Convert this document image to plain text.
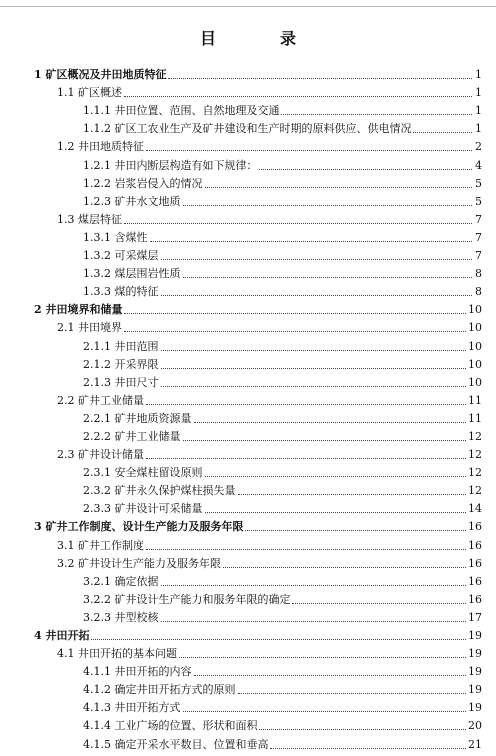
目　录
1 矿区概况及井田地质特征	1
1.1 矿区概述	1
1.1.1 井田位置、范围、自然地理及交通	1
1.1.2 矿区工农业生产及矿井建设和生产时期的原料供应、供电情况	1
1.2 井田地质特征	2
1.2.1 井田内断层构造有如下规律：	4
1.2.2 岩浆岩侵入的情况	5
1.2.3 矿井水文地质	5
1.3 煤层特征	7
1.3.1 含煤性	7
1.3.2 可采煤层	7
1.3.2 煤层围岩性质	8
1.3.3 煤的特征	8
2 井田境界和储量	10
2.1 井田境界	10
2.1.1 井田范围	10
2.1.2 开采界限	10
2.1.3 井田尺寸	10
2.2 矿井工业储量	11
2.2.1 矿井地质资源量	11
2.2.2 矿井工业储量	12
2.3 矿井设计储量	12
2.3.1 安全煤柱留设原则	12
2.3.2 矿井永久保护煤柱损失量	12
2.3.3 矿井设计可采储量	14
3 矿井工作制度、设计生产能力及服务年限	16
3.1 矿井工作制度	16
3.2 矿井设计生产能力及服务年限	16
3.2.1 确定依据	16
3.2.2 矿井设计生产能力和服务年限的确定	16
3.2.3 井型校核	17
4 井田开拓	19
4.1 井田开拓的基本问题	19
4.1.1 井田开拓的内容	19
4.1.2 确定井田开拓方式的原则	19
4.1.3 井田开拓方式	19
4.1.4 工业广场的位置、形状和面积	20
4.1.5 确定开采水平数目、位置和垂高	21
